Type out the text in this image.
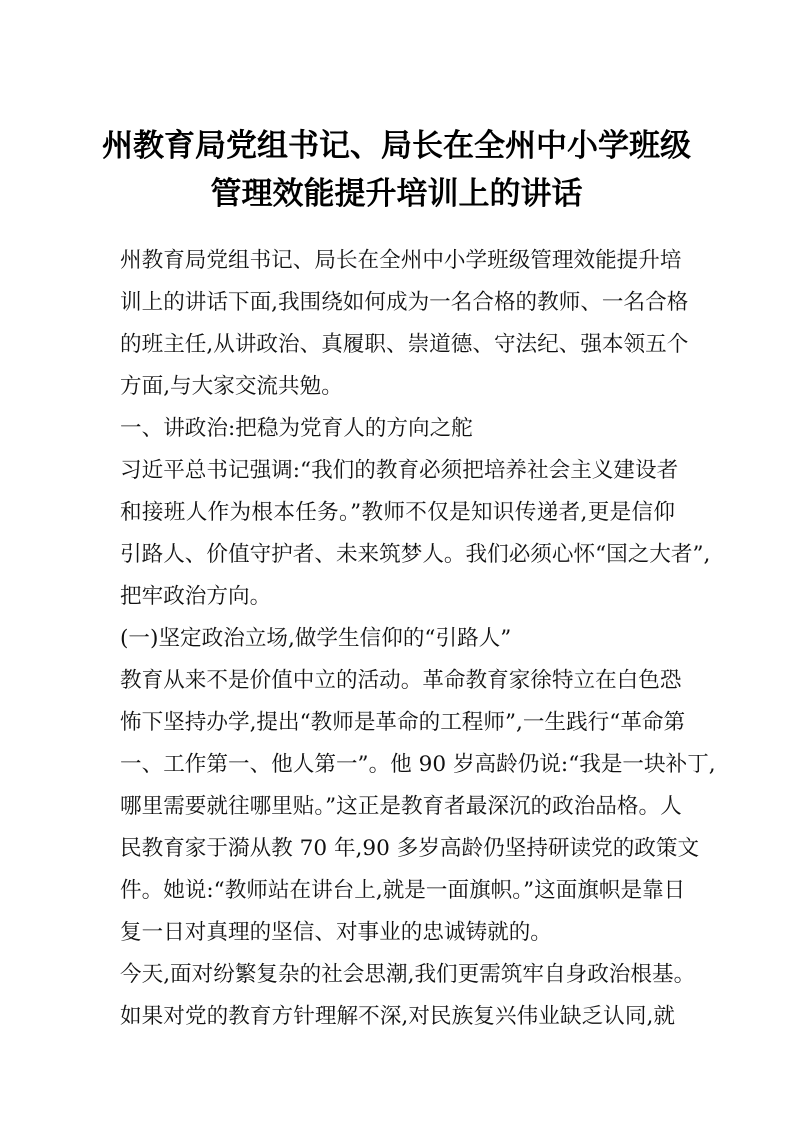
州教育局党组书记、局长在全州中小学班级
管理效能提升培训上的讲话
州教育局党组书记、局长在全州中小学班级管理效能提升培
训上的讲话下面,我围绕如何成为一名合格的教师、一名合格
的班主任,从讲政治、真履职、崇道德、守法纪、强本领五个
方面,与大家交流共勉。
一、讲政治:把稳为党育人的方向之舵
习近平总书记强调:“我们的教育必须把培养社会主义建设者
和接班人作为根本任务。”教师不仅是知识传递者,更是信仰
引路人、价值守护者、未来筑梦人。我们必须心怀“国之大者”,
把牢政治方向。
(一)坚定政治立场,做学生信仰的“引路人”
教育从来不是价值中立的活动。革命教育家徐特立在白色恐
怖下坚持办学,提出“教师是革命的工程师”,一生践行“革命第
一、工作第一、他人第一”。他 90 岁高龄仍说:“我是一块补丁,
哪里需要就往哪里贴。”这正是教育者最深沉的政治品格。人
民教育家于漪从教 70 年,90 多岁高龄仍坚持研读党的政策文
件。她说:“教师站在讲台上,就是一面旗帜。”这面旗帜是靠日
复一日对真理的坚信、对事业的忠诚铸就的。
今天,面对纷繁复杂的社会思潮,我们更需筑牢自身政治根基。
如果对党的教育方针理解不深,对民族复兴伟业缺乏认同,就
